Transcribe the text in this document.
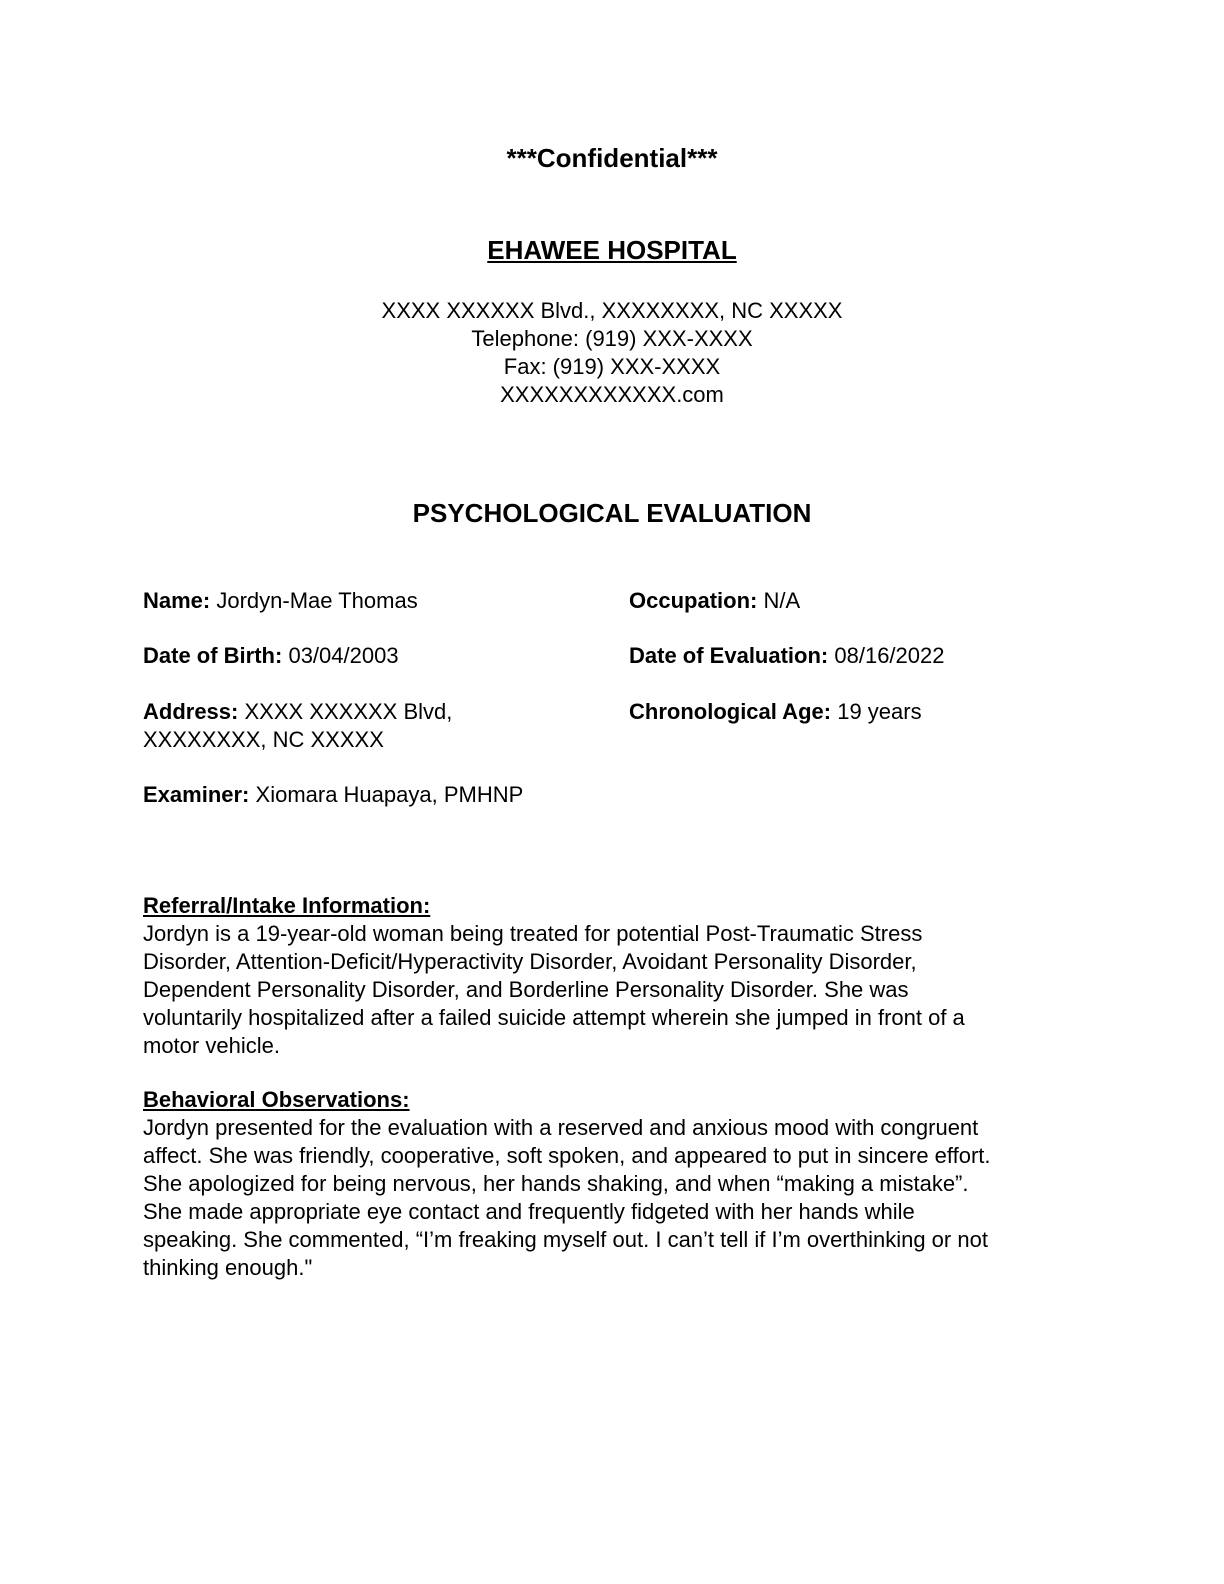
***Confidential***
EHAWEE HOSPITAL
XXXX XXXXXX Blvd., XXXXXXXX, NC XXXXX
Telephone: (919) XXX-XXXX
Fax: (919) XXX-XXXX
XXXXXXXXXXXX.com
PSYCHOLOGICAL EVALUATION
Name: Jordyn-Mae Thomas
Date of Birth: 03/04/2003
Address: XXXX XXXXXX Blvd,
XXXXXXXX, NC XXXXX
Examiner: Xiomara Huapaya, PMHNP
Occupation: N/A
Date of Evaluation: 08/16/2022
Chronological Age: 19 years
Referral/Intake Information:
Jordyn is a 19-year-old woman being treated for potential Post-Traumatic Stress
Disorder, Attention-Deficit/Hyperactivity Disorder, Avoidant Personality Disorder,
Dependent Personality Disorder, and Borderline Personality Disorder. She was
voluntarily hospitalized after a failed suicide attempt wherein she jumped in front of a
motor vehicle.
Behavioral Observations:
Jordyn presented for the evaluation with a reserved and anxious mood with congruent
affect. She was friendly, cooperative, soft spoken, and appeared to put in sincere effort.
She apologized for being nervous, her hands shaking, and when “making a mistake”.
She made appropriate eye contact and frequently fidgeted with her hands while
speaking. She commented, “I’m freaking myself out. I can’t tell if I’m overthinking or not
thinking enough."
